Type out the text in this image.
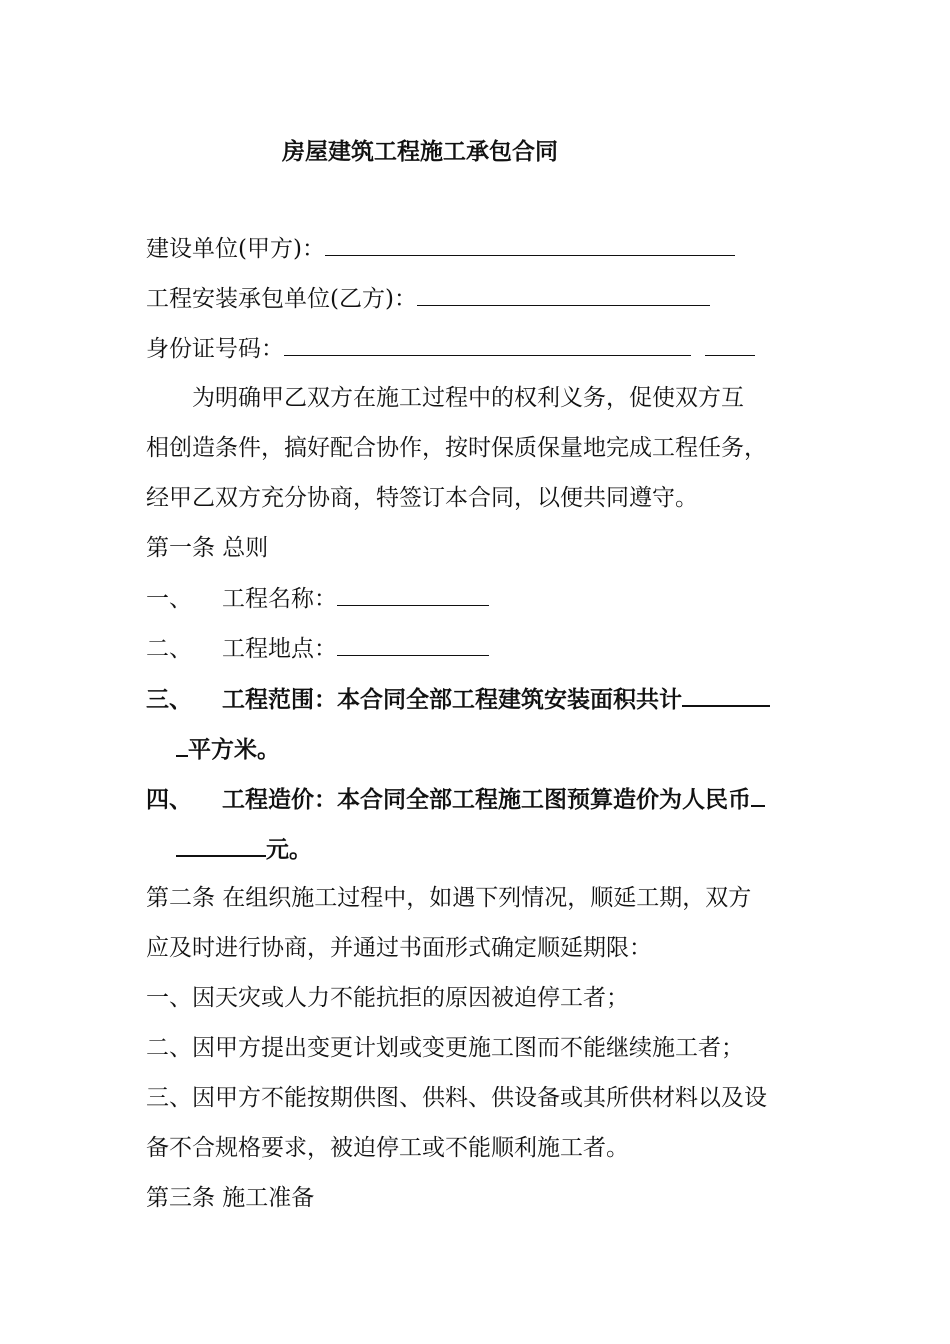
房屋建筑工程施工承包合同
建设单位(甲方)：
工程安装承包单位(乙方)：
身份证号码：
为明确甲乙双方在施工过程中的权利义务，促使双方互
相创造条件，搞好配合协作，按时保质保量地完成工程任务，
经甲乙双方充分协商，特签订本合同，以便共同遵守。
第一条 总则
一、 工程名称：
二、 工程地点：
三、 工程范围：本合同全部工程建筑安装面积共计
平方米。
四、 工程造价：本合同全部工程施工图预算造价为人民币
元。
第二条 在组织施工过程中，如遇下列情况，顺延工期，双方
应及时进行协商，并通过书面形式确定顺延期限：
一、因天灾或人力不能抗拒的原因被迫停工者；
二、因甲方提出变更计划或变更施工图而不能继续施工者；
三、因甲方不能按期供图、供料、供设备或其所供材料以及设
备不合规格要求，被迫停工或不能顺利施工者。
第三条 施工准备
